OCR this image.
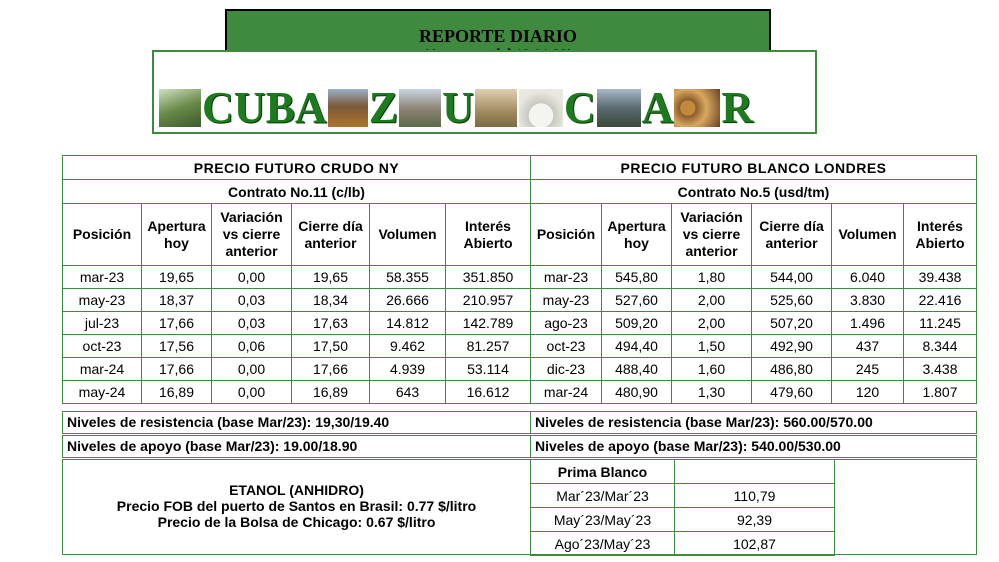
REPORTE DIARIO
C U B A Z U C A R
PRECIO FUTURO CRUDO NY					
Contrato No.11 (c/lb)					
Posición	Apertura hoy	Variación vs cierre anterior	Cierre día anterior	Volumen	Interés Abierto
mar-23	19,65	0,00	19,65	58.355	351.850
may-23	18,37	0,03	18,34	26.666	210.957
jul-23	17,66	0,03	17,63	14.812	142.789
oct-23	17,56	0,06	17,50	9.462	81.257
mar-24	17,66	0,00	17,66	4.939	53.114
may-24	16,89	0,00	16,89	643	16.612
PRECIO FUTURO BLANCO LONDRES					
Contrato No.5 (usd/tm)					
Posición	Apertura hoy	Variación vs cierre anterior	Cierre día anterior	Volumen	Interés Abierto
mar-23	545,80	1,80	544,00	6.040	39.438
may-23	527,60	2,00	525,60	3.830	22.416
ago-23	509,20	2,00	507,20	1.496	11.245
oct-23	494,40	1,50	492,90	437	8.344
dic-23	488,40	1,60	486,80	245	3.438
mar-24	480,90	1,30	479,60	120	1.807
Niveles de resistencia (base Mar/23): 19,30/19.40	Niveles de resistencia (base Mar/23): 560.00/570.00
Niveles de apoyo (base Mar/23): 19.00/18.90	Niveles de apoyo (base Mar/23): 540.00/530.00
ETANOL (ANHIDRO)
Precio FOB del puerto de Santos en Brasil: 0.77 $/litro
Precio de la Bolsa de Chicago: 0.67 $/litro
Prima Blanco	
Mar´23/Mar´23	110,79
May´23/May´23	92,39
Ago´23/May´23	102,87
